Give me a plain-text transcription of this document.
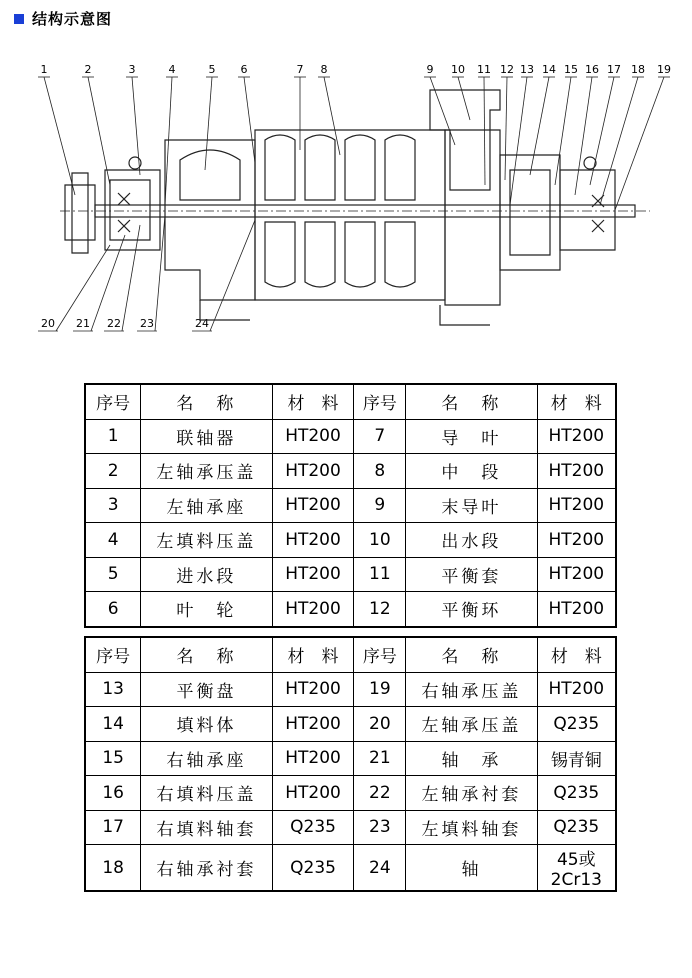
结构示意图
1	2	3	4	5 6	7 8	9 10 11 12 13 14 15 16 17 18 19
20 21 22 23	24
序号	名　称	材　料	序号	名　称	材　料
1	联轴器	HT200	7	导　叶	HT200
2	左轴承压盖	HT200	8	中　段	HT200
3	左轴承座	HT200	9	末导叶	HT200
4	左填料压盖	HT200	10	出水段	HT200
5	进水段	HT200	11	平衡套	HT200
6	叶　轮	HT200	12	平衡环	HT200
序号	名　称	材　料	序号	名　称	材　料
13	平衡盘	HT200	19	右轴承压盖	HT200
14	填料体	HT200	20	左轴承压盖	Q235
15	右轴承座	HT200	21	轴　承	锡青铜
16	右填料压盖	HT200	22	左轴承衬套	Q235
17	右填料轴套	Q235	23	左填料轴套	Q235
18	右轴承衬套	Q235	24	轴	45或2Cr13
